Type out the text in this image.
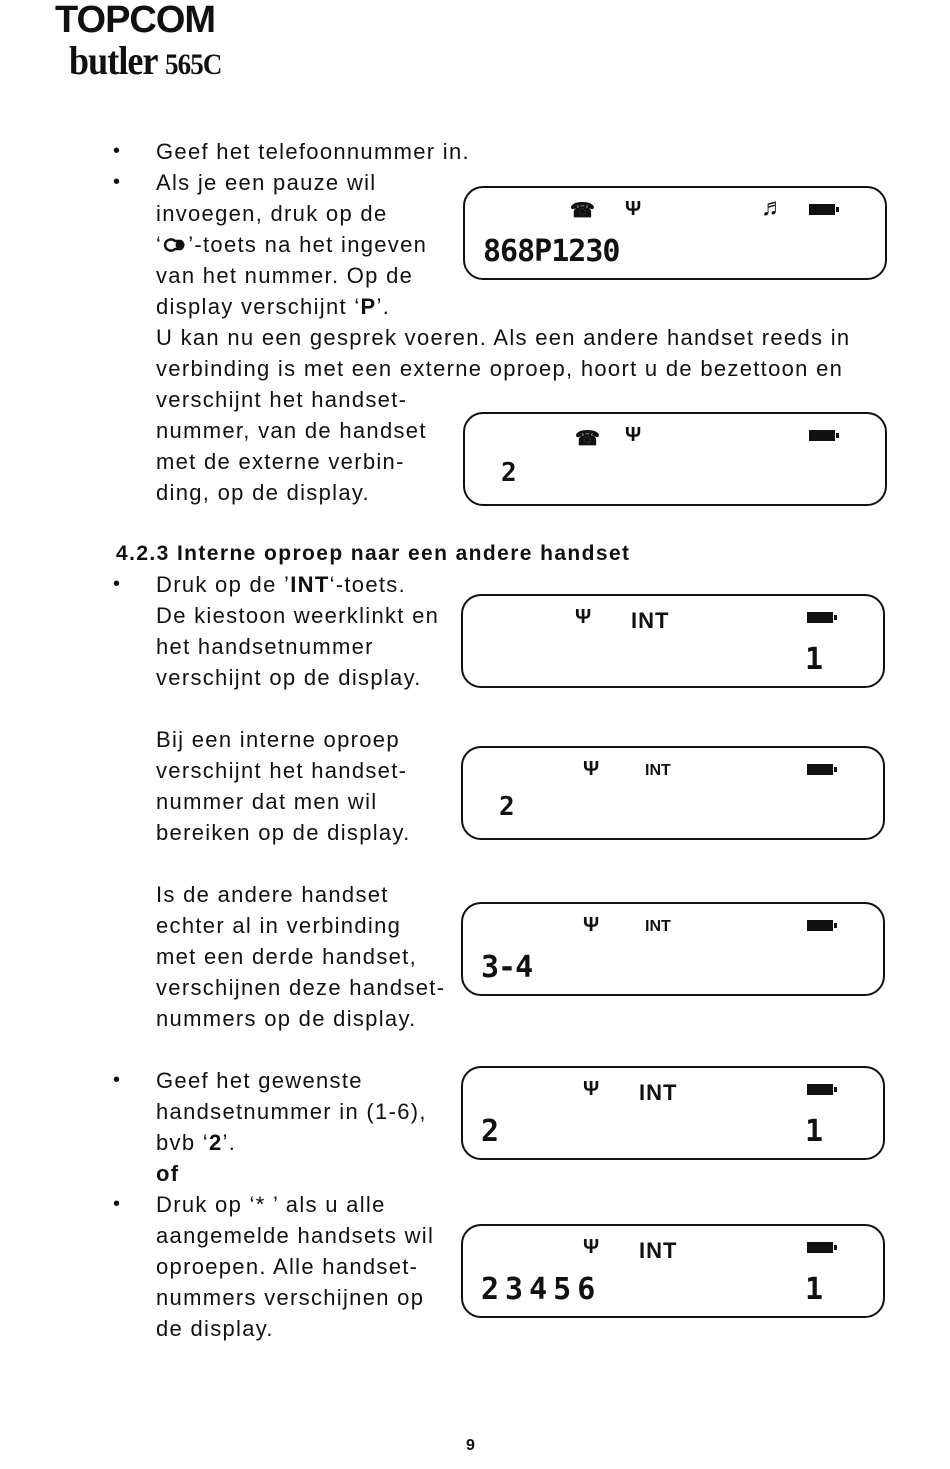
TOPCOM
butler 565C
• Geef het telefoonnummer in.
• Als je een pauze wil
invoegen, druk op de
‘ ’-toets na het ingeven
van het nummer. Op de
display verschijnt ‘P’.
U kan nu een gesprek voeren. Als een andere handset reeds in
verbinding is met een externe oproep, hoort u de bezettoon en
verschijnt het handset-
nummer, van de handset
met de externe verbin-
ding, op de display.
☎ Ψ	♬
868P1230
☎ Ψ
2
4.2.3 Interne oproep naar een andere handset
• Druk op de ’INT‘-toets.
De kiestoon weerklinkt en
het handsetnummer
verschijnt op de display.
Bij een interne oproep
verschijnt het handset-
nummer dat men wil
bereiken op de display.
Is de andere handset
echter al in verbinding
met een derde handset,
verschijnen deze handset-
nummers op de display.
• Geef het gewenste
handsetnummer in (1-6),
bvb ‘2’.
of
• Druk op ‘* ’ als u alle
aangemelde handsets wil
oproepen. Alle handset-
nummers verschijnen op
de display.
Ψ INT
1
Ψ	INT
2
Ψ	INT
3-4
Ψ INT
2	1
Ψ INT
23456	1
9
